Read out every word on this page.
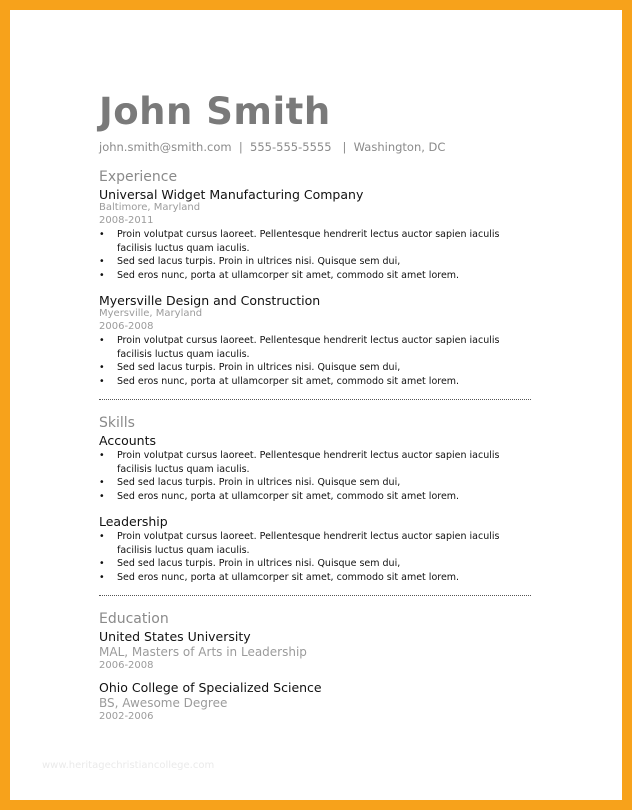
John Smith
john.smith@smith.com  |  555-555-5555   |  Washington, DC
Experience
Universal Widget Manufacturing Company
Baltimore, Maryland
2008-2011
• Proin volutpat cursus laoreet. Pellentesque hendrerit lectus auctor sapien iaculis facilisis luctus quam iaculis.
• Sed sed lacus turpis. Proin in ultrices nisi. Quisque sem dui,
• Sed eros nunc, porta at ullamcorper sit amet, commodo sit amet lorem.
Myersville Design and Construction
Myersville, Maryland
2006-2008
• Proin volutpat cursus laoreet. Pellentesque hendrerit lectus auctor sapien iaculis facilisis luctus quam iaculis.
• Sed sed lacus turpis. Proin in ultrices nisi. Quisque sem dui,
• Sed eros nunc, porta at ullamcorper sit amet, commodo sit amet lorem.
Skills
Accounts
• Proin volutpat cursus laoreet. Pellentesque hendrerit lectus auctor sapien iaculis facilisis luctus quam iaculis.
• Sed sed lacus turpis. Proin in ultrices nisi. Quisque sem dui,
• Sed eros nunc, porta at ullamcorper sit amet, commodo sit amet lorem.
Leadership
• Proin volutpat cursus laoreet. Pellentesque hendrerit lectus auctor sapien iaculis facilisis luctus quam iaculis.
• Sed sed lacus turpis. Proin in ultrices nisi. Quisque sem dui,
• Sed eros nunc, porta at ullamcorper sit amet, commodo sit amet lorem.
Education
United States University
MAL, Masters of Arts in Leadership
2006-2008
Ohio College of Specialized Science
BS, Awesome Degree
2002-2006
www.heritagechristiancollege.com
